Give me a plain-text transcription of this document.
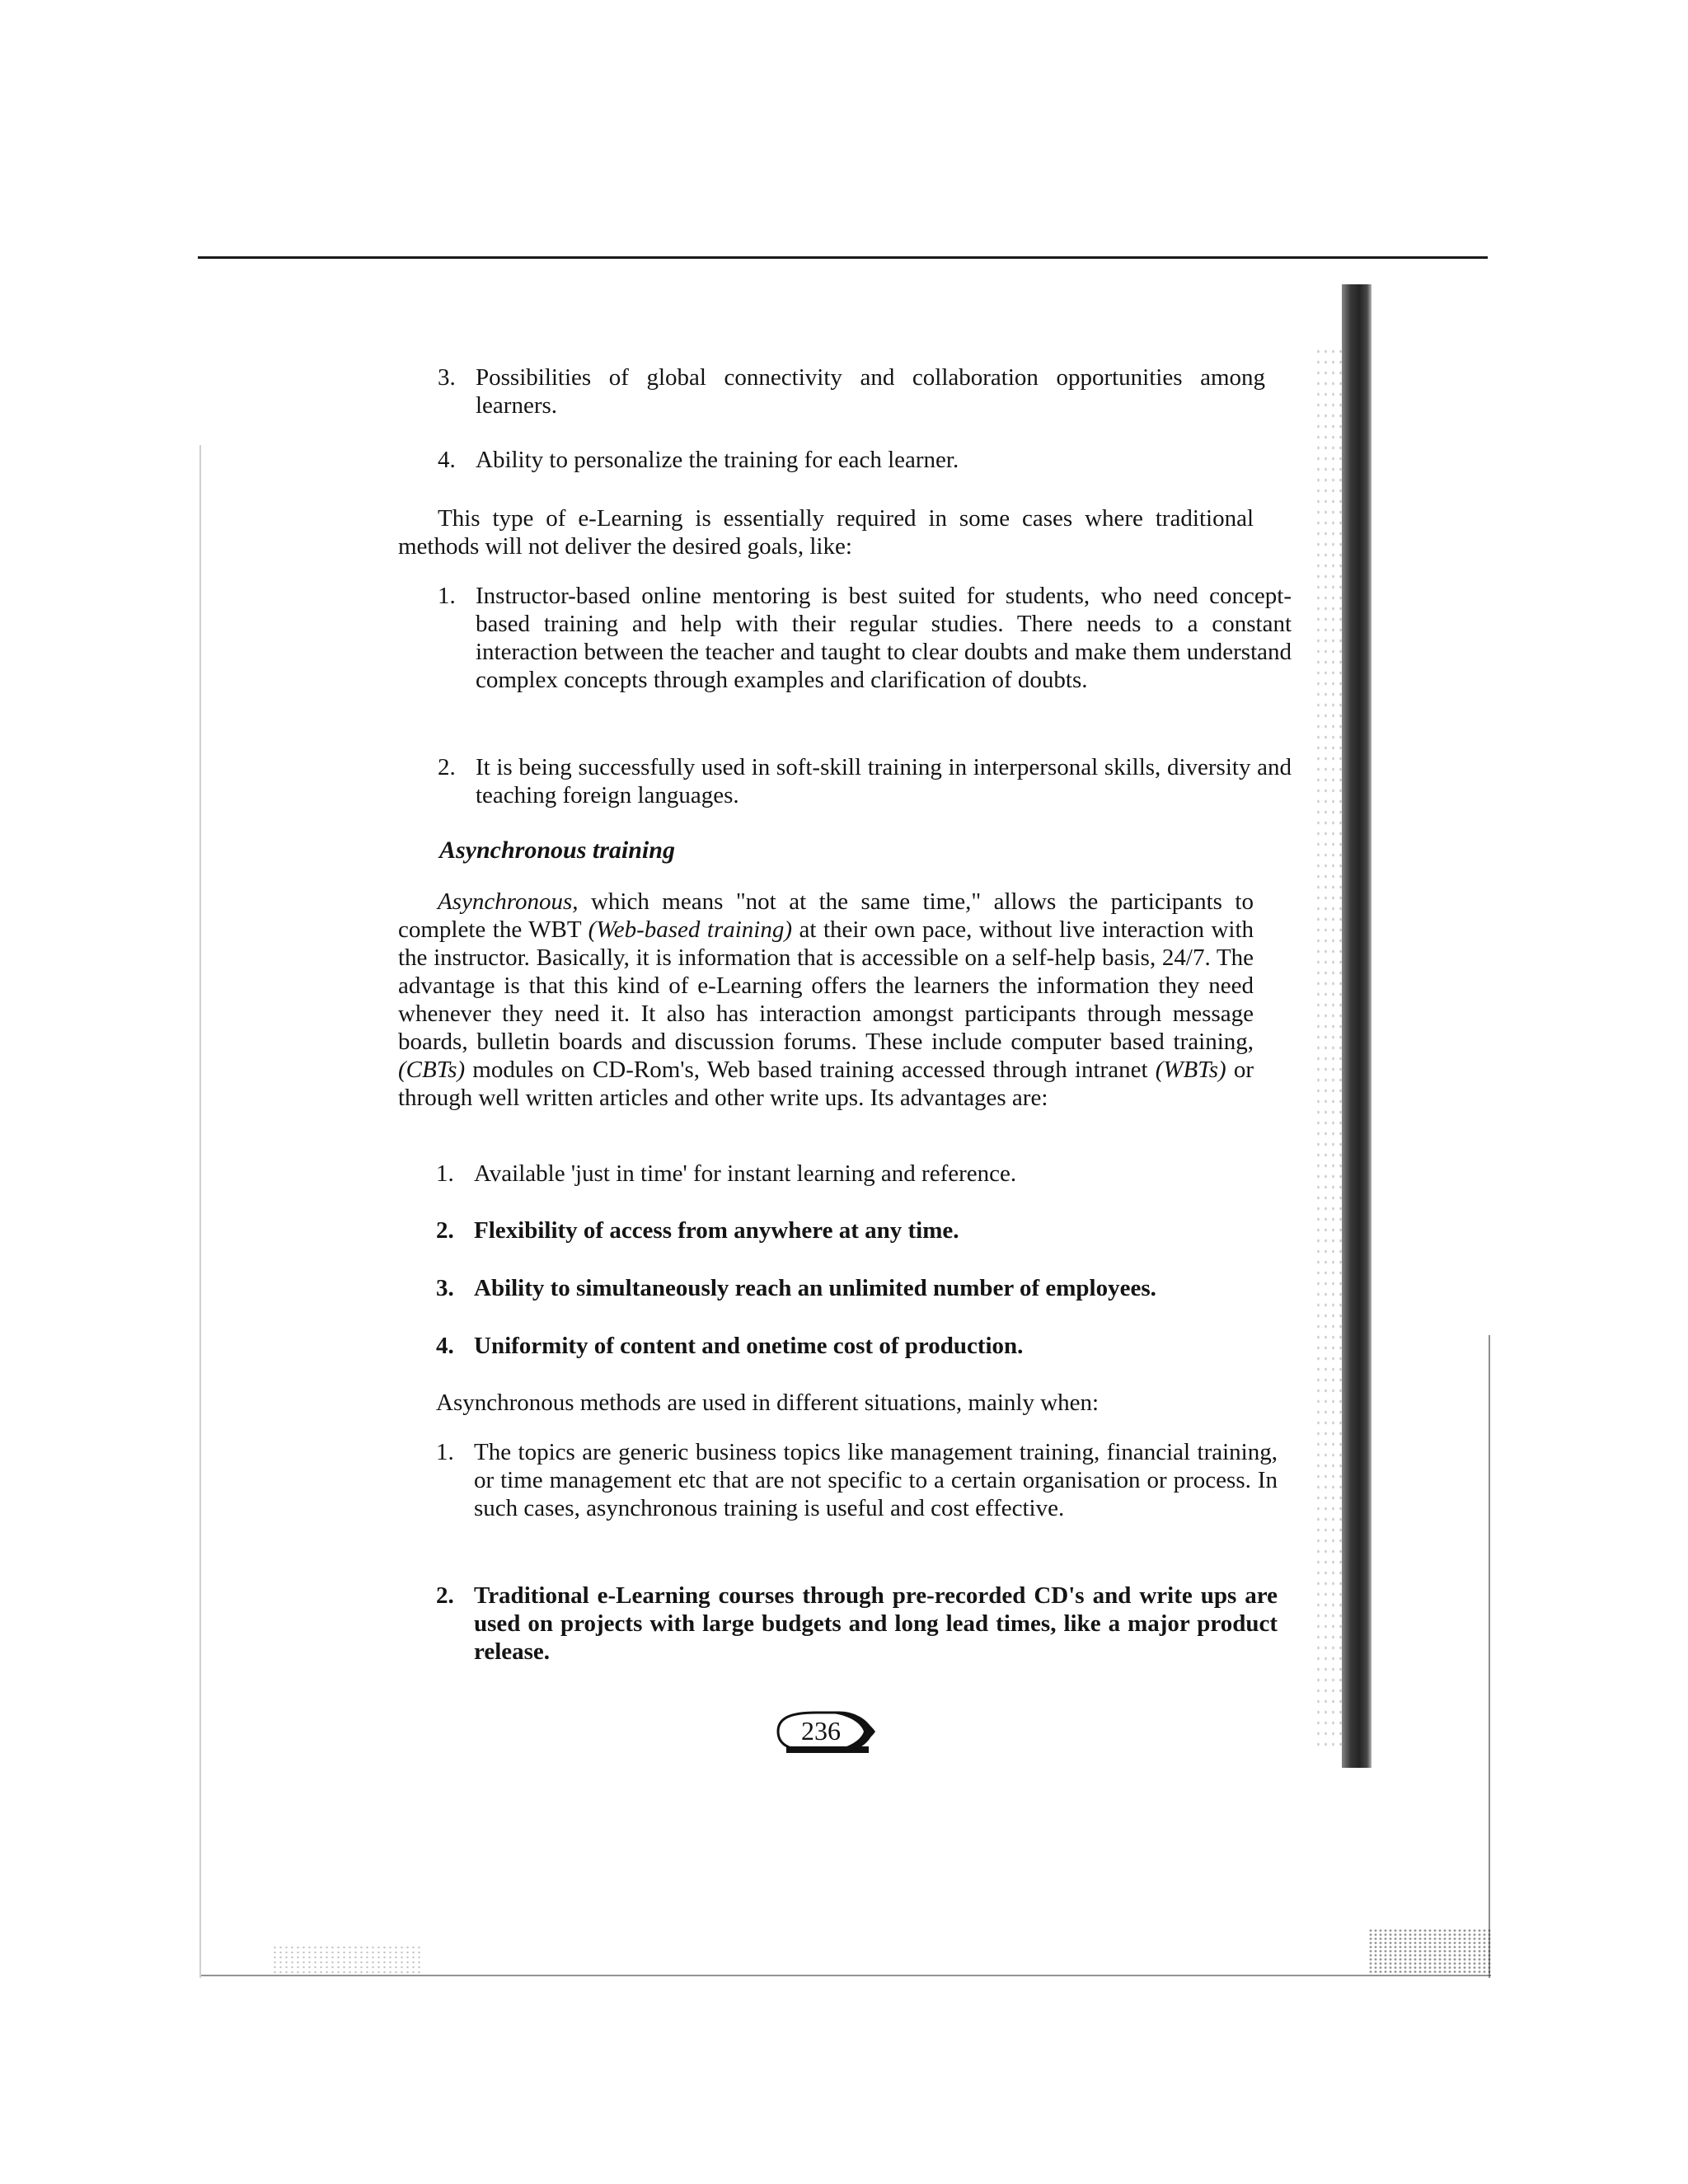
3. Possibilities of global connectivity and collaboration opportunities among learners.
4. Ability to personalize the training for each learner.

This type of e-Learning is essentially required in some cases where traditional methods will not deliver the desired goals, like:

1. Instructor-based online mentoring is best suited for students, who need concept-based training and help with their regular studies. There needs to a constant interaction between the teacher and taught to clear doubts and make them understand complex concepts through examples and clarification of doubts.
2. It is being successfully used in soft-skill training in interpersonal skills, diversity and teaching foreign languages.
Asynchronous training

Asynchronous, which means "not at the same time," allows the participants to complete the WBT (Web-based training) at their own pace, without live interaction with the instructor. Basically, it is information that is accessible on a self-help basis, 24/7. The advantage is that this kind of e-Learning offers the learners the information they need whenever they need it. It also has interaction amongst participants through message boards, bulletin boards and discussion forums. These include computer based training,(CBTs) modules on CD-Rom's, Web based training accessed through intranet (WBTs) or through well written articles and other write ups. Its advantages are:

1. Available 'just in time' for instant learning and reference.
2. Flexibility of access from anywhere at any time.
3. Ability to simultaneously reach an unlimited number of employees.
4. Uniformity of content and onetime cost of production.

Asynchronous methods are used in different situations, mainly when:

1. The topics are generic business topics like management training, financial training, or time management etc that are not specific to a certain organisation or process. In such cases, asynchronous training is useful and cost effective.
2. Traditional e-Learning courses through pre-recorded CD's and write ups are used on projects with large budgets and long lead times, like a major product release.
236
